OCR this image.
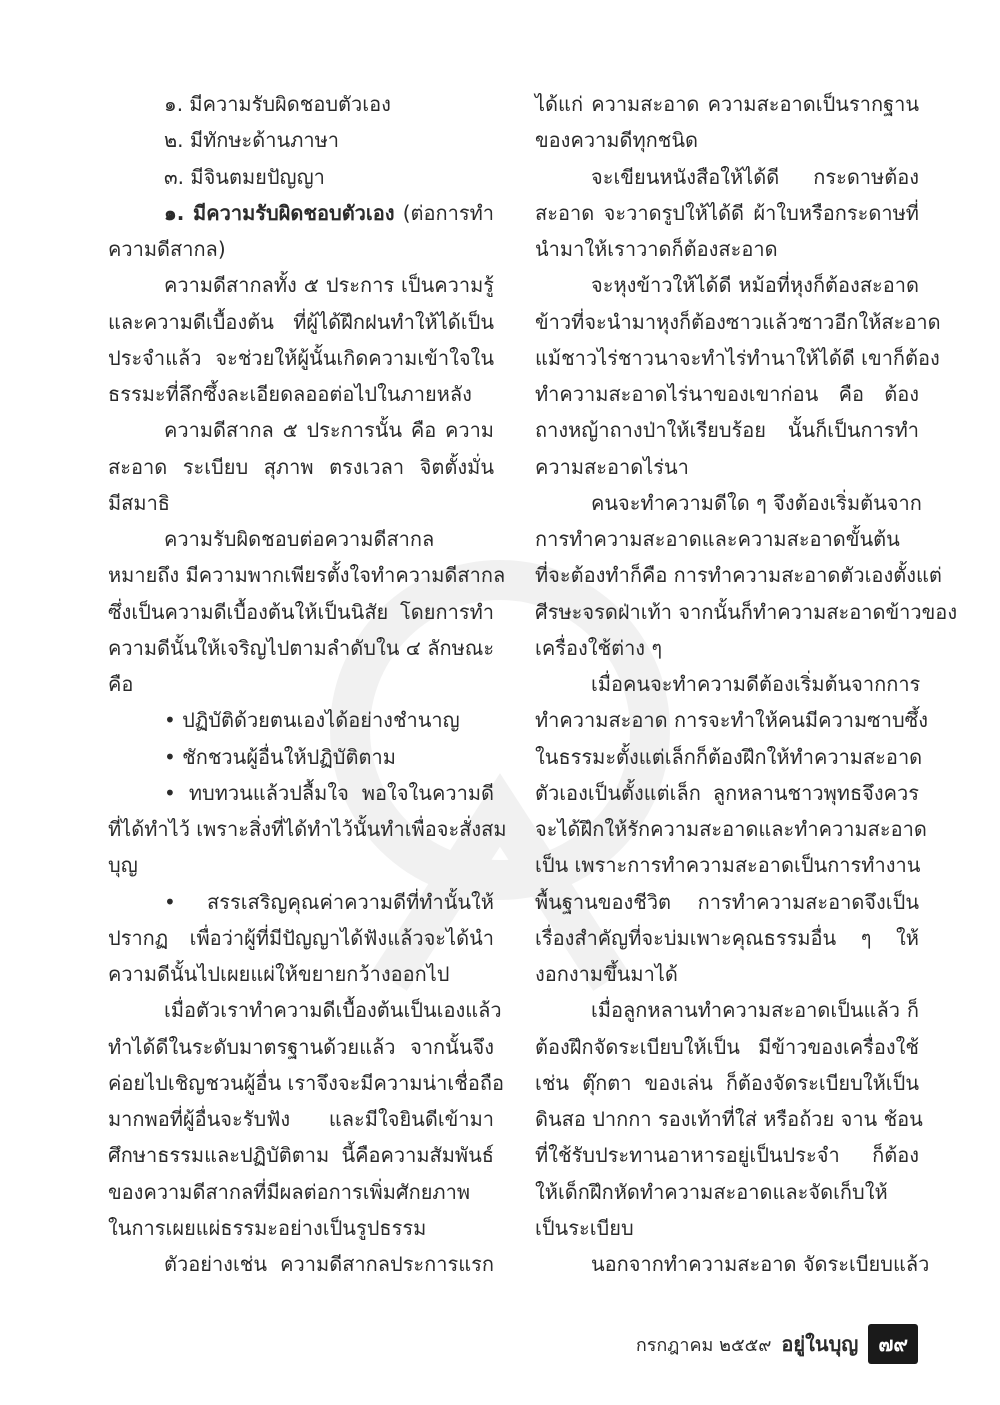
๑. มีความรับผิดชอบตัวเอง
๒. มีทักษะด้านภาษา
๓. มีจินตมยปัญญา
๑. มีความรับผิดชอบตัวเอง (ต่อการทำ
ความดีสากล)
ความดีสากลทั้ง ๕ ประการ เป็นความรู้
และความดีเบื้องต้น ที่ผู้ได้ฝึกฝนทำให้ได้เป็น
ประจำแล้ว จะช่วยให้ผู้นั้นเกิดความเข้าใจใน
ธรรมะที่ลึกซึ้งละเอียดลออต่อไปในภายหลัง
ความดีสากล ๕ ประการนั้น คือ ความ
สะอาด ระเบียบ สุภาพ ตรงเวลา จิตตั้งมั่น
มีสมาธิ
ความรับผิดชอบต่อความดีสากล
หมายถึง มีความพากเพียรตั้งใจทำความดีสากล
ซึ่งเป็นความดีเบื้องต้นให้เป็นนิสัย โดยการทำ
ความดีนั้นให้เจริญไปตามลำดับใน ๔ ลักษณะ
คือ
• ปฏิบัติด้วยตนเองได้อย่างชำนาญ
• ชักชวนผู้อื่นให้ปฏิบัติตาม
• ทบทวนแล้วปลื้มใจ พอใจในความดี
ที่ได้ทำไว้ เพราะสิ่งที่ได้ทำไว้นั้นทำเพื่อจะสั่งสม
บุญ
• สรรเสริญคุณค่าความดีที่ทำนั้นให้
ปรากฏ เพื่อว่าผู้ที่มีปัญญาได้ฟังแล้วจะได้นำ
ความดีนั้นไปเผยแผ่ให้ขยายกว้างออกไป
เมื่อตัวเราทำความดีเบื้องต้นเป็นเองแล้ว
ทำได้ดีในระดับมาตรฐานด้วยแล้ว จากนั้นจึง
ค่อยไปเชิญชวนผู้อื่น เราจึงจะมีความน่าเชื่อถือ
มากพอที่ผู้อื่นจะรับฟัง และมีใจยินดีเข้ามา
ศึกษาธรรมและปฏิบัติตาม นี้คือความสัมพันธ์
ของความดีสากลที่มีผลต่อการเพิ่มศักยภาพ
ในการเผยแผ่ธรรมะอย่างเป็นรูปธรรม
ตัวอย่างเช่น ความดีสากลประการแรก
ได้แก่ ความสะอาด ความสะอาดเป็นรากฐาน
ของความดีทุกชนิด
จะเขียนหนังสือให้ได้ดี กระดาษต้อง
สะอาด จะวาดรูปให้ได้ดี ผ้าใบหรือกระดาษที่
นำมาให้เราวาดก็ต้องสะอาด
จะหุงข้าวให้ได้ดี หม้อที่หุงก็ต้องสะอาด
ข้าวที่จะนำมาหุงก็ต้องซาวแล้วซาวอีกให้สะอาด
แม้ชาวไร่ชาวนาจะทำไร่ทำนาให้ได้ดี เขาก็ต้อง
ทำความสะอาดไร่นาของเขาก่อน คือ ต้อง
ถางหญ้าถางป่าให้เรียบร้อย นั้นก็เป็นการทำ
ความสะอาดไร่นา
คนจะทำความดีใด ๆ จึงต้องเริ่มต้นจาก
การทำความสะอาดและความสะอาดขั้นต้น
ที่จะต้องทำก็คือ การทำความสะอาดตัวเองตั้งแต่
ศีรษะจรดฝ่าเท้า จากนั้นก็ทำความสะอาดข้าวของ
เครื่องใช้ต่าง ๆ
เมื่อคนจะทำความดีต้องเริ่มต้นจากการ
ทำความสะอาด การจะทำให้คนมีความซาบซึ้ง
ในธรรมะตั้งแต่เล็กก็ต้องฝึกให้ทำความสะอาด
ตัวเองเป็นตั้งแต่เล็ก ลูกหลานชาวพุทธจึงควร
จะได้ฝึกให้รักความสะอาดและทำความสะอาด
เป็น เพราะการทำความสะอาดเป็นการทำงาน
พื้นฐานของชีวิต การทำความสะอาดจึงเป็น
เรื่องสำคัญที่จะบ่มเพาะคุณธรรมอื่น ๆ ให้
งอกงามขึ้นมาได้
เมื่อลูกหลานทำความสะอาดเป็นแล้ว ก็
ต้องฝึกจัดระเบียบให้เป็น มีข้าวของเครื่องใช้
เช่น ตุ๊กตา ของเล่น ก็ต้องจัดระเบียบให้เป็น
ดินสอ ปากกา รองเท้าที่ใส่ หรือถ้วย จาน ช้อน
ที่ใช้รับประทานอาหารอยู่เป็นประจำ ก็ต้อง
ให้เด็กฝึกหัดทำความสะอาดและจัดเก็บให้
เป็นระเบียบ
นอกจากทำความสะอาด จัดระเบียบแล้ว
กรกฎาคม ๒๕๕๙ อยู่ในบุญ	๗๙
